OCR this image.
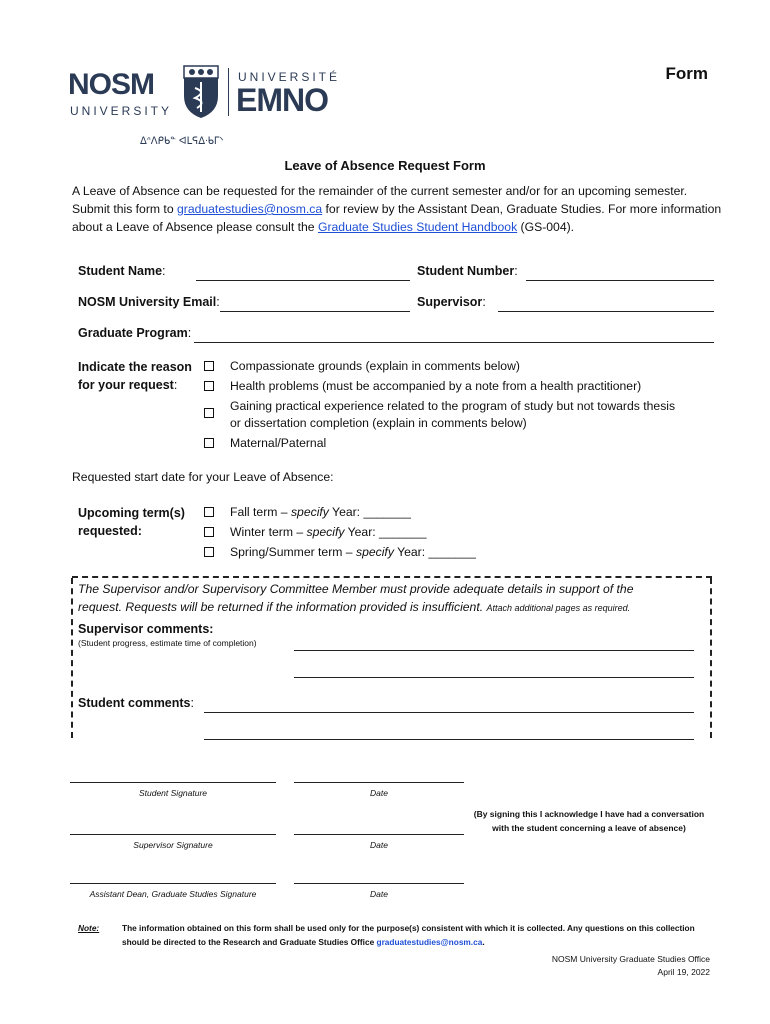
Form
NOSM
UNIVERSITY
UNIVERSITÉ
EMNO
ᐃᐢᐱᑭᑲᓐ ᐊᒪᕋᐃᐧᑲᒥᐠ
Leave of Absence Request Form
A Leave of Absence can be requested for the remainder of the current semester and/or for an upcoming semester. Submit this form to graduatestudies@nosm.ca for review by the Assistant Dean, Graduate Studies. For more information about a Leave of Absence please consult the Graduate Studies Student Handbook (GS-004).
Student Name:	Student Number:
NOSM University Email:	Supervisor:
Graduate Program:
Indicate the reason
for your request:
Compassionate grounds (explain in comments below)
Health problems (must be accompanied by a note from a health practitioner)
Gaining practical experience related to the program of study but not towards thesis
or dissertation completion (explain in comments below)
Maternal/Paternal
Requested start date for your Leave of Absence:
Upcoming term(s)
requested:
Fall term – specify Year: _______
Winter term – specify Year: _______
Spring/Summer term – specify Year: _______
The Supervisor and/or Supervisory Committee Member must provide adequate details in support of the
request. Requests will be returned if the information provided is insufficient. Attach additional pages as required.
Supervisor comments:
(Student progress, estimate time of completion)
Student comments:
Student Signature	Date
(By signing this I acknowledge I have had a conversation
with the student concerning a leave of absence)
Supervisor Signature	Date
Assistant Dean, Graduate Studies Signature	Date
Note:	The information obtained on this form shall be used only for the purpose(s) consistent with which it is collected. Any questions on this collection should be directed to the Research and Graduate Studies Office graduatestudies@nosm.ca.
NOSM University Graduate Studies Office
April 19, 2022
